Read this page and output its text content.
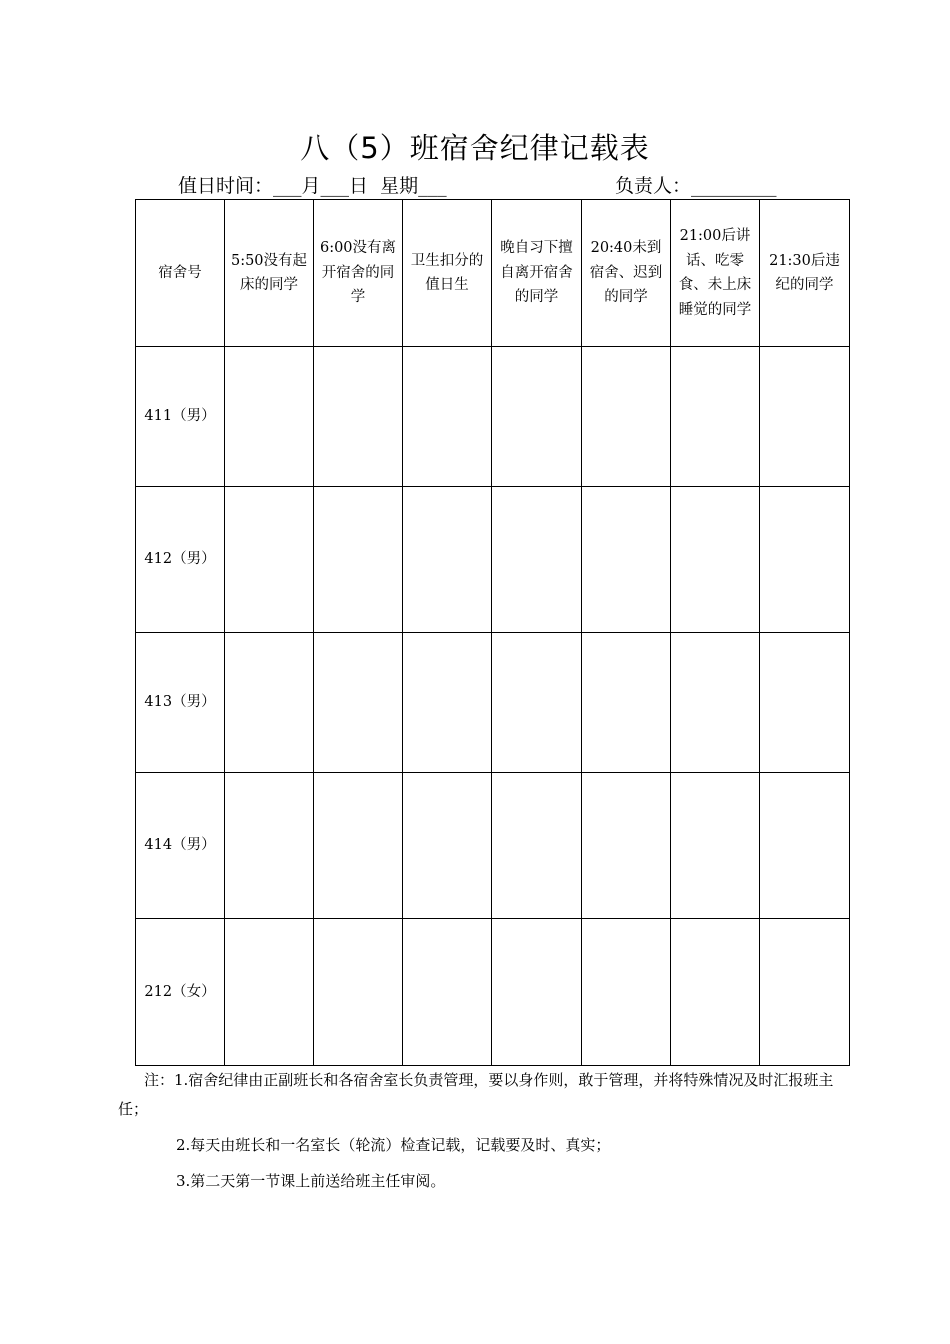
八（5）班宿舍纪律记载表
值日时间：___月___日  星期___	负责人：_________
宿舍号	5:50没有起床的同学	6:00没有离开宿舍的同学	卫生扣分的值日生	晚自习下擅自离开宿舍的同学	20:40未到宿舍、迟到的同学	21:00后讲话、吃零食、未上床睡觉的同学	21:30后违纪的同学
411（男）							
412（男）							
413（男）							
414（男）							
212（女）							

注：1.宿舍纪律由正副班长和各宿舍室长负责管理，要以身作则，敢于管理，并将特殊情况及时汇报班主任；

2.每天由班长和一名室长（轮流）检查记载，记载要及时、真实；

3.第二天第一节课上前送给班主任审阅。
